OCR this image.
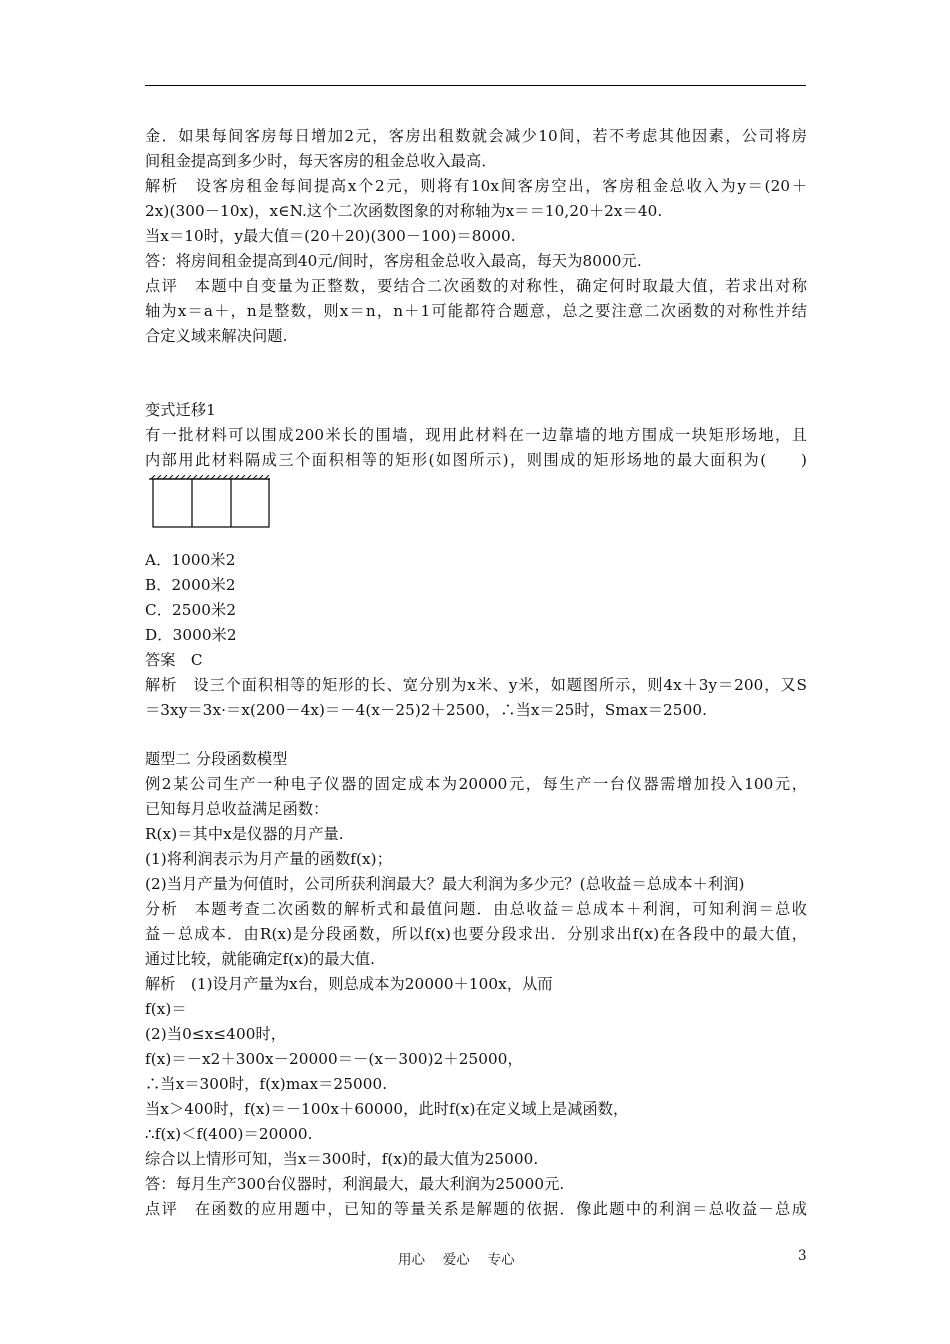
金．如果每间客房每日增加2元，客房出租数就会减少10间，若不考虑其他因素，公司将房
间租金提高到多少时，每天客房的租金总收入最高．
解析　设客房租金每间提高x个2元，则将有10x间客房空出，客房租金总收入为y＝(20＋
2x)(300－10x)，x∈N.这个二次函数图象的对称轴为x＝＝10,20＋2x＝40.
当x＝10时，y最大值＝(20＋20)(300－100)＝8000.
答：将房间租金提高到40元/间时，客房租金总收入最高，每天为8000元.
点评　本题中自变量为正整数，要结合二次函数的对称性，确定何时取最大值，若求出对称
轴为x＝a＋，n是整数，则x＝n，n＋1可能都符合题意，总之要注意二次函数的对称性并结
合定义域来解决问题.
变式迁移1
有一批材料可以围成200米长的围墙，现用此材料在一边靠墙的地方围成一块矩形场地，且
内部用此材料隔成三个面积相等的矩形(如图所示)，则围成的矩形场地的最大面积为(　　)
A．1000米2
B．2000米2
C．2500米2
D．3000米2
答案　C
解析　设三个面积相等的矩形的长、宽分别为x米、y米，如题图所示，则4x＋3y＝200，又S
＝3xy＝3x·＝x(200－4x)＝－4(x－25)2＋2500，∴当x＝25时，Smax＝2500.
题型二 分段函数模型
例2某公司生产一种电子仪器的固定成本为20000元，每生产一台仪器需增加投入100元，
已知每月总收益满足函数：
R(x)＝其中x是仪器的月产量.
(1)将利润表示为月产量的函数f(x)；
(2)当月产量为何值时，公司所获利润最大？最大利润为多少元？(总收益＝总成本＋利润)
分析　本题考查二次函数的解析式和最值问题．由总收益＝总成本＋利润，可知利润＝总收
益－总成本．由R(x)是分段函数，所以f(x)也要分段求出．分别求出f(x)在各段中的最大值，
通过比较，就能确定f(x)的最大值.
解析　(1)设月产量为x台，则总成本为20000＋100x，从而
f(x)＝
(2)当0≤x≤400时，
f(x)＝－x2＋300x－20000＝－(x－300)2＋25000，
∴当x＝300时，f(x)max＝25000.
当x＞400时，f(x)＝－100x＋60000，此时f(x)在定义域上是减函数，
∴f(x)＜f(400)＝20000.
综合以上情形可知，当x＝300时，f(x)的最大值为25000.
答：每月生产300台仪器时，利润最大，最大利润为25000元.
点评　在函数的应用题中，已知的等量关系是解题的依据．像此题中的利润＝总收益－总成
用心　 爱心　 专心	3
